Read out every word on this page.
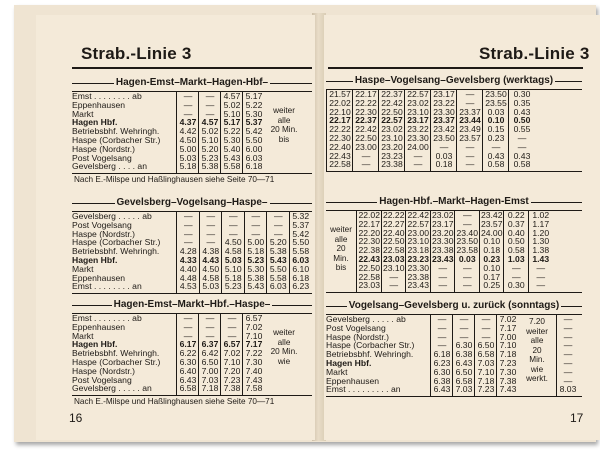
Strab.-Linie 3
Hagen-Emst–Markt–Hagen-Hbf–
Emst . . . . . . . . ab
Eppenhausen
Markt
Hagen Hbf.
Betriebsbhf. Wehringh.
Haspe (Corbacher Str.)
Haspe (Nordstr.)
Post Vogelsang
Gevelsberg . . . . an
—
—
—
4.37
4.42
4.50
5.00
5.03
5.18
—
—
—
4.57
5.02
5.10
5.20
5.23
5.38
4.57
5.02
5.10
5.17
5.22
5.30
5.40
5.43
5.58
5.17
5.22
5.30
5.37
5.42
5.50
6.00
6.03
6.18
weiter
alle
20 Min.
bis
Nach E.-Milspe und Haßlinghausen siehe Seite 70—71
Gevelsberg–Vogelsang–Haspe–
Gevelsberg . . . . . ab
Post Vogelsang
Haspe (Nordstr.)
Haspe (Corbacher Str.)
Betriebsbhf. Wehringh.
Hagen Hbf.
Markt
Eppenhausen
Emst . . . . . . . . an
—
—
—
—
4.28
4.33
4.40
4.48
4.53
—
—
—
—
4.38
4.43
4.50
4.58
5.03
—
—
—
4.50
4.58
5.03
5.10
5.18
5.23
—
—
—
5.00
5.18
5.23
5.30
5.38
5.43
—
—
—
5.20
5.38
5.43
5.50
5.58
6.03
5.32
5.37
5.42
5.50
5.58
6.03
6.10
6.18
6.23
Hagen-Emst–Markt–Hbf.–Haspe–
Emst . . . . . . . . ab
Eppenhausen
Markt
Hagen Hbf.
Betriebsbhf. Wehringh.
Haspe (Corbacher Str.)
Haspe (Nordstr.)
Post Vogelsang
Gevelsberg . . . . . an
—
—
—
6.17
6.22
6.30
6.40
6.43
6.58
—
—
—
6.37
6.42
6.50
7.00
7.03
7.18
—
—
—
6.57
7.02
7.10
7.20
7.23
7.38
6.57
7.02
7.10
7.17
7.22
7.30
7.40
7.43
7.58
weiter
alle
20 Min.
wie
Nach E.-Milspe und Haßlinghausen siehe Seite 70—71
16
Strab.-Linie 3
Haspe–Vogelsang–Gevelsberg (werktags)
21.57
22.02
22.10
22.17
22.22
22.30
22.40
22.43
22.58
22.17
22.22
22.30
22.37
22.42
22.50
23.00
—
—
22.37
22.42
22.50
22.57
23.02
23.10
23.20
23.23
23.38
22.57
23.02
23.10
23.17
23.22
23.30
24.00
—
—
23.17
23.22
23.30
23.37
23.42
23.50
—
0.03
0.18
—
—
23.37
23.44
23.49
23.57
—
—
—
23.50
23.55
0.03
0.10
0.15
0.23
—
0.43
0.58
0.30
0.35
0.43
0.50
0.55
—
—
0.43
0.58
Hagen-Hbf.–Markt–Hagen-Emst
weiter
alle
20
Min.
bis
22.02
22.17
22.20
22.30
22.38
22.43
22.50
22.58
23.03
22.22
22.27
22.40
22.50
22.58
23.03
23.10
—
—
22.42
22.57
23.00
23.10
23.18
23.23
23.30
23.38
23.43
23.02
23.17
23.20
23.30
23.38
23.43
—
—
—
—
—
23.40
23.50
23.58
0.03
—
—
—
23.42
23.57
24.00
0.10
0.18
0.23
0.10
0.17
0.25
0.22
0.37
0.40
0.50
0.58
1.03
—
—
0.30
1.02
1.17
1.20
1.30
1.38
1.43
—
—
—
Vogelsang–Gevelsberg u. zurück (sonntags)
Gevelsberg . . . . . ab
Post Vogelsang
Haspe (Nordstr.)
Haspe (Corbacher Str.)
Betriebsbhf. Wehringh.
Hagen Hbf.
Markt
Eppenhausen
Emst . . . . . . . . . an
—
—
—
—
6.18
6.23
6.30
6.38
6.43
—
—
—
6.30
6.38
6.43
6.50
6.58
7.03
—
—
—
6.50
6.58
7.03
7.10
7.18
7.23
7.02
7.17
7.00
7.10
7.18
7.23
7.30
7.38
7.43
7.20
weiter
alle
20
Min.
wie
werkt.
—
—
—
—
—
—
—
—
8.03
17
